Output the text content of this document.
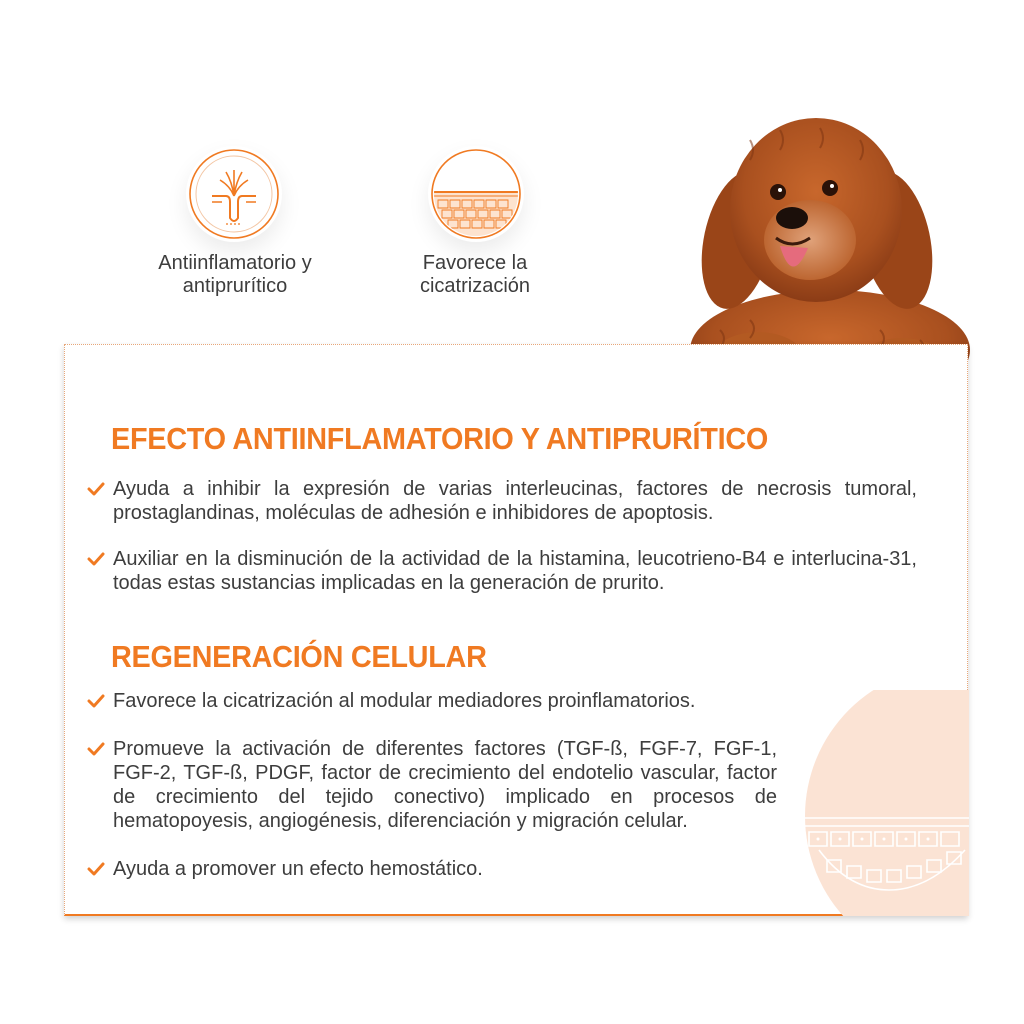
Antiinflamatorio y
antiprurítico
Favorece la
cicatrización
EFECTO ANTIINFLAMATORIO Y ANTIPRURÍTICO
Ayuda a inhibir la expresión de varias interleucinas, factores de necrosis tumoral, prostaglandinas, moléculas de adhesión e inhibidores de apoptosis.
Auxiliar en la disminución de la actividad de la histamina, leucotrieno-B4 e interlucina-31, todas estas sustancias implicadas en la generación de prurito.
REGENERACIÓN CELULAR
Favorece la cicatrización al modular mediadores proinflamatorios.
Promueve la activación de diferentes factores (TGF-ß, FGF-7, FGF-1, FGF-2, TGF-ß, PDGF, factor de crecimiento del endotelio vascular, factor de crecimiento del tejido conectivo) implicado en procesos de hematopoyesis, angiogénesis, diferenciación y migración celular.
Ayuda a promover un efecto hemostático.
